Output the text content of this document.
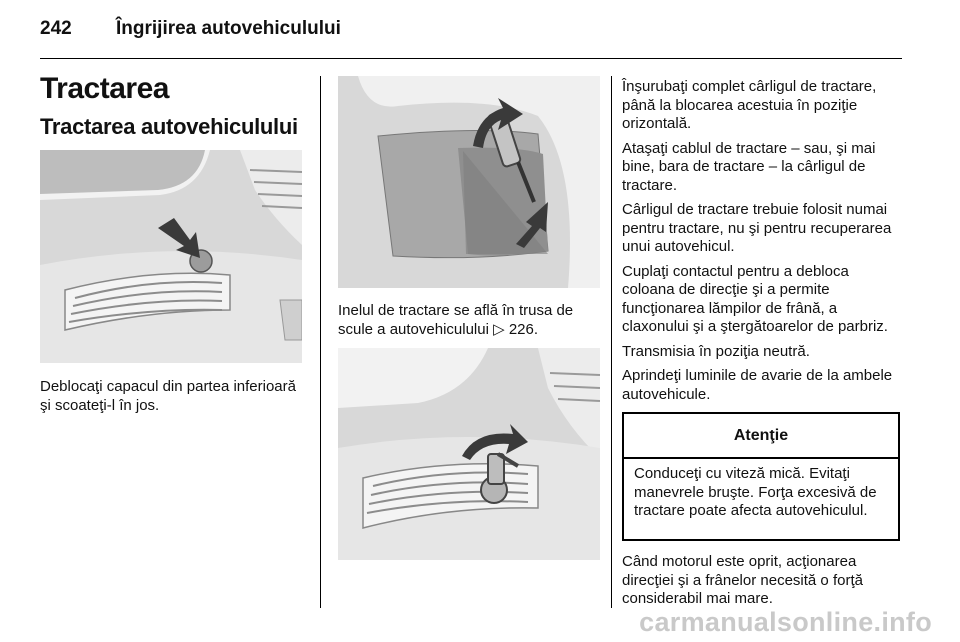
242 Îngrijirea autovehiculului
Tractarea
Tractarea autovehiculului
Deblocaţi capacul din partea inferioară şi scoateţi-l în jos.
Inelul de tractare se află în trusa de scule a autovehiculului ▷ 226.

Înşurubaţi complet cârligul de tractare, până la blocarea acestuia în poziţie orizontală.

Ataşaţi cablul de tractare – sau, şi mai bine, bara de tractare – la cârligul de tractare.

Cârligul de tractare trebuie folosit numai pentru tractare, nu şi pentru recuperarea unui autovehicul.

Cuplaţi contactul pentru a debloca coloana de direcţie şi a permite funcţionarea lămpilor de frână, a claxonului şi a ştergătoarelor de parbriz.

Transmisia în poziţia neutră.

Aprindeţi luminile de avarie de la ambele autovehicule.

Atenţie
Conduceţi cu viteză mică. Evitaţi manevrele bruşte. Forţa excesivă de tractare poate afecta autovehiculul.
Când motorul este oprit, acţionarea direcţiei şi a frânelor necesită o forţă considerabil mai mare.
carmanualsonline.info
